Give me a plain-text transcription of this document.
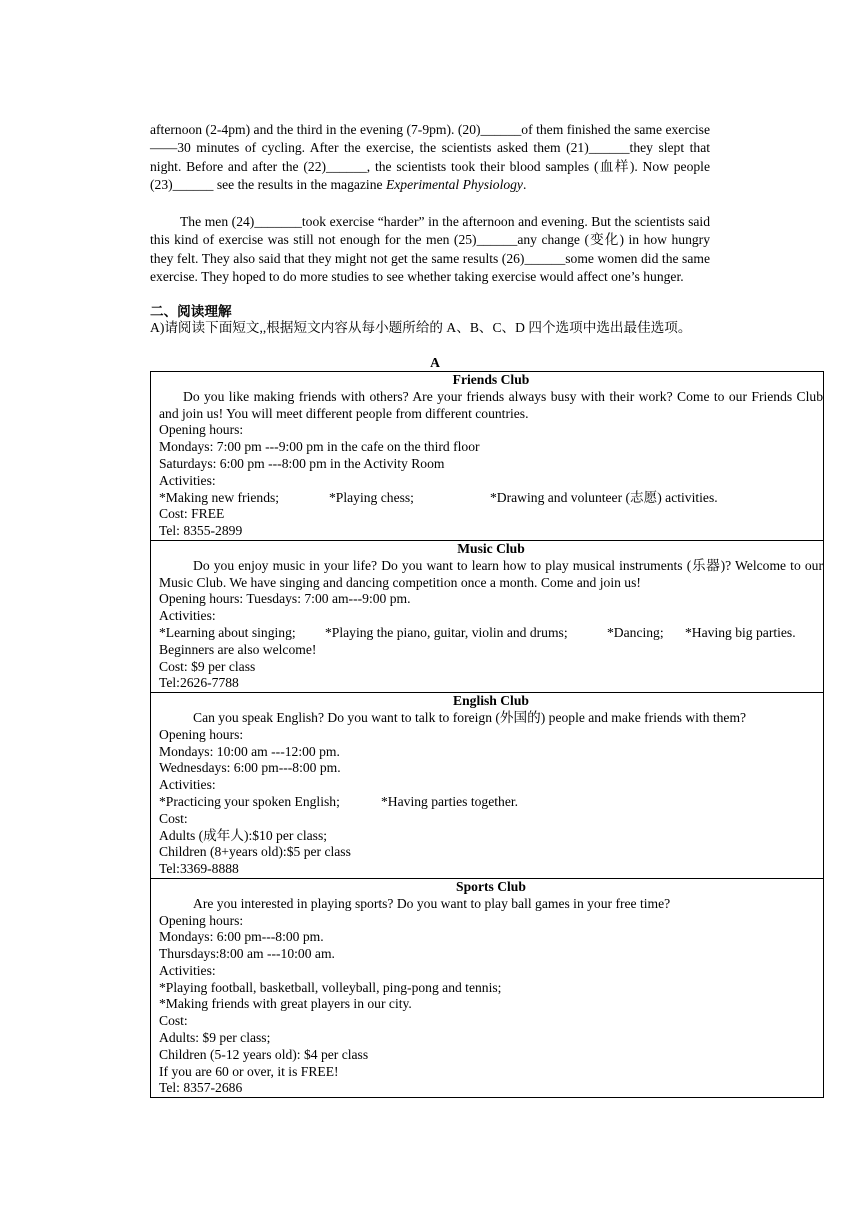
afternoon (2-4pm) and the third in the evening (7-9pm). (20)______of them finished the same exercise——30 minutes of cycling. After the exercise, the scientists asked them (21)______they slept that night. Before and after the (22)______, the scientists took their blood samples (血样). Now people (23)______ see the results in the magazine Experimental Physiology.

The men (24)_______took exercise “harder” in the afternoon and evening. But the scientists said this kind of exercise was still not enough for the men (25)______any change (变化) in how hungry they felt. They also said that they might not get the same results (26)______some women did the same exercise. They hoped to do more studies to see whether taking exercise would affect one’s hunger.

二、阅读理解

A)请阅读下面短文,,根据短文内容从每小题所给的 A、B、C、D 四个选项中选出最佳选项。

A
Friends Club
Do you like making friends with others? Are your friends always busy with their work? Come to our Friends Club and join us! You will meet different people from different countries.
Opening hours:
Mondays: 7:00 pm ---9:00 pm in the cafe on the third floor
Saturdays: 6:00 pm ---8:00 pm in the Activity Room
Activities:
*Making new friends;	*Playing chess;	*Drawing and volunteer (志愿) activities.
Cost: FREE
Tel: 8355-2899

Music Club
Do you enjoy music in your life? Do you want to learn how to play musical instruments (乐器)? Welcome to our Music Club. We have singing and dancing competition once a month. Come and join us!
Opening hours: Tuesdays: 7:00 am---9:00 pm.
Activities:
*Learning about singing;	*Playing the piano, guitar, violin and drums;	*Dancing;	*Having big parties.
Beginners are also welcome!
Cost: $9 per class
Tel:2626-7788

English Club
Can you speak English? Do you want to talk to foreign (外国的) people and make friends with them?
Opening hours:
Mondays: 10:00 am ---12:00 pm.
Wednesdays: 6:00 pm---8:00 pm.
Activities:
*Practicing your spoken English;	*Having parties together.
Cost:
Adults (成年人):$10 per class;
Children (8+years old):$5 per class
Tel:3369-8888

Sports Club
Are you interested in playing sports? Do you want to play ball games in your free time?
Opening hours:
Mondays: 6:00 pm---8:00 pm.
Thursdays:8:00 am ---10:00 am.
Activities:
*Playing football, basketball, volleyball, ping-pong and tennis;
*Making friends with great players in our city.
Cost:
Adults: $9 per class;
Children (5-12 years old): $4 per class
If you are 60 or over, it is FREE!
Tel: 8357-2686
